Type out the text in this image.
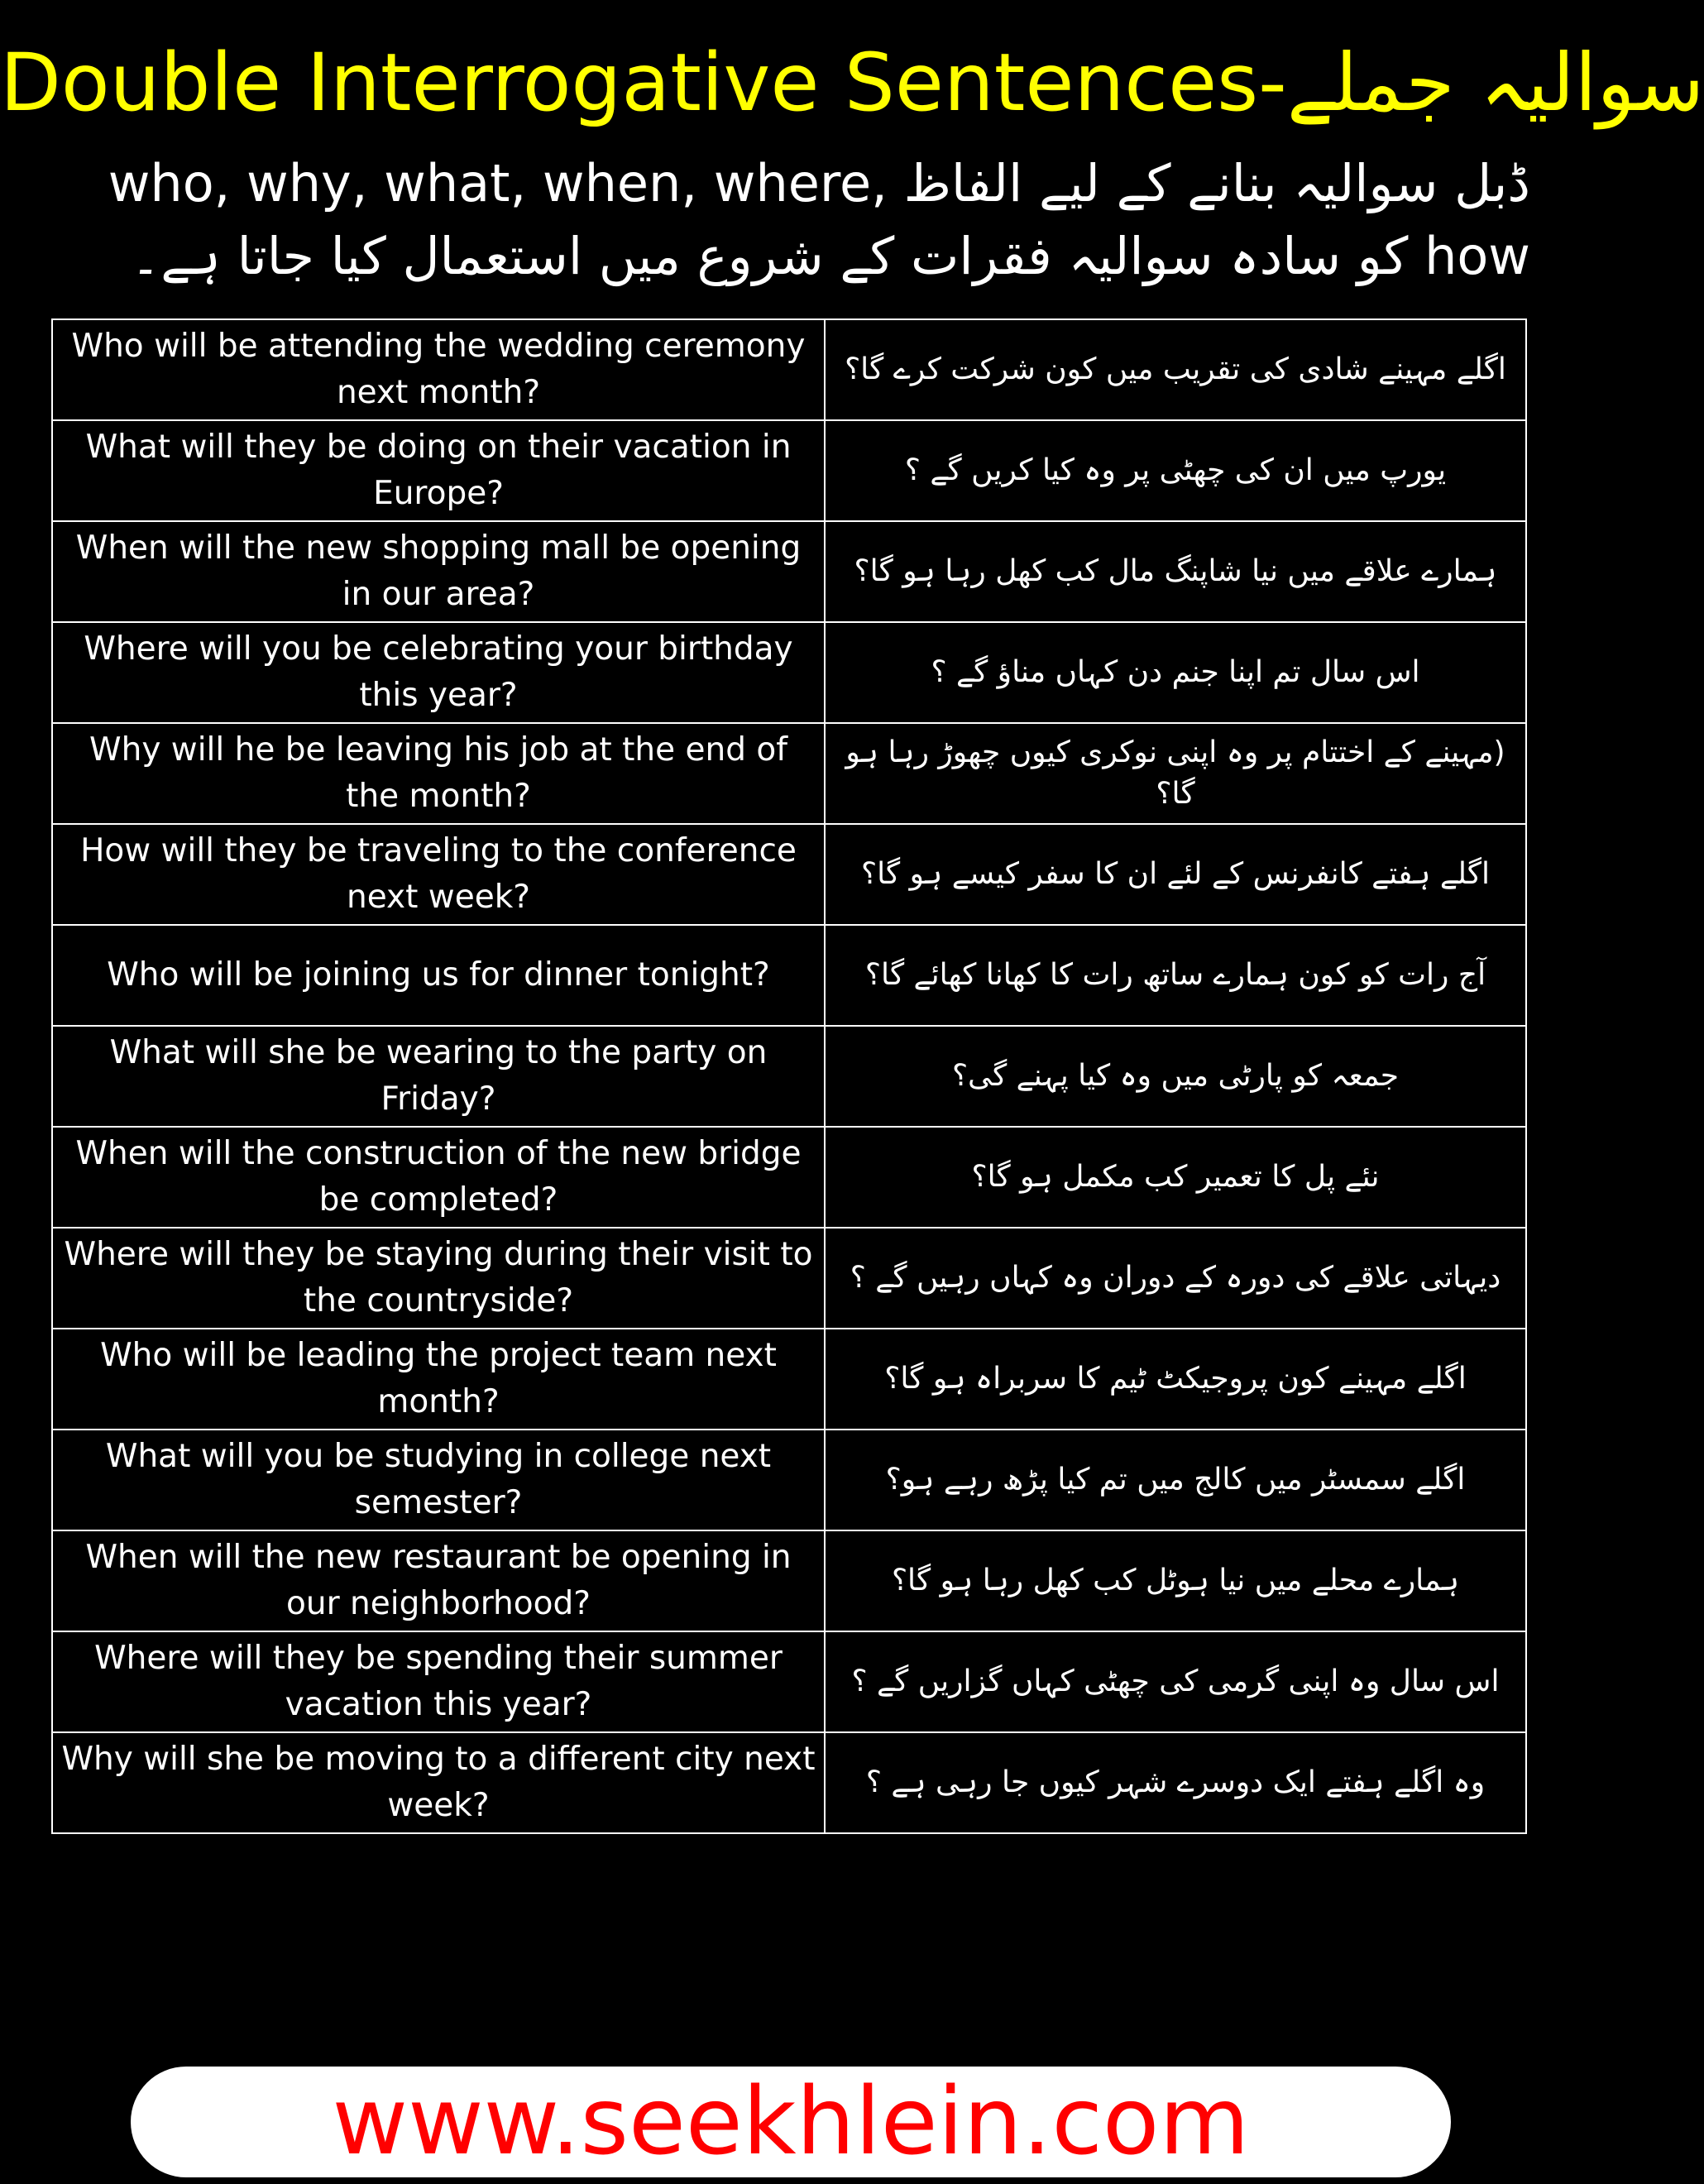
Double Interrogative Sentences-سوالیہ جملے
ڈبل سوالیہ بنانے کے لیے الفاظ who, why, what, when, where, how کو سادہ سوالیہ فقرات کے شروع میں استعمال کیا جاتا ہے۔
Who will be attending the wedding ceremony next month?	اگلے مہینے شادی کی تقریب میں کون شرکت کرے گا؟
What will they be doing on their vacation in Europe?	یورپ میں ان کی چھٹی پر وہ کیا کریں گے ؟
When will the new shopping mall be opening in our area?	ہمارے علاقے میں نیا شاپنگ مال کب کھل رہا ہو گا؟
Where will you be celebrating your birthday this year?	اس سال تم اپنا جنم دن کہاں مناؤ گے ؟
Why will he be leaving his job at the end of the month?	(مہینے کے اختتام پر وہ اپنی نوکری کیوں چھوڑ رہا ہو گا؟
How will they be traveling to the conference next week?	اگلے ہفتے کانفرنس کے لئے ان کا سفر کیسے ہو گا؟
Who will be joining us for dinner tonight?	آج رات کو کون ہمارے ساتھ رات کا کھانا کھائے گا؟
What will she be wearing to the party on Friday?	جمعہ کو پارٹی میں وہ کیا پہنے گی؟
When will the construction of the new bridge be completed?	نئے پل کا تعمیر کب مکمل ہو گا؟
Where will they be staying during their visit to the countryside?	دیہاتی علاقے کی دورہ کے دوران وہ کہاں رہیں گے ؟
Who will be leading the project team next month?	اگلے مہینے کون پروجیکٹ ٹیم کا سربراہ ہو گا؟
What will you be studying in college next semester?	اگلے سمسٹر میں کالج میں تم کیا پڑھ رہے ہو؟
When will the new restaurant be opening in our neighborhood?	ہمارے محلے میں نیا ہوٹل کب کھل رہا ہو گا؟
Where will they be spending their summer vacation this year?	اس سال وہ اپنی گرمی کی چھٹی کہاں گزاریں گے ؟
Why will she be moving to a different city next week?	وہ اگلے ہفتے ایک دوسرے شہر کیوں جا رہی ہے ؟
www.seekhlein.com
